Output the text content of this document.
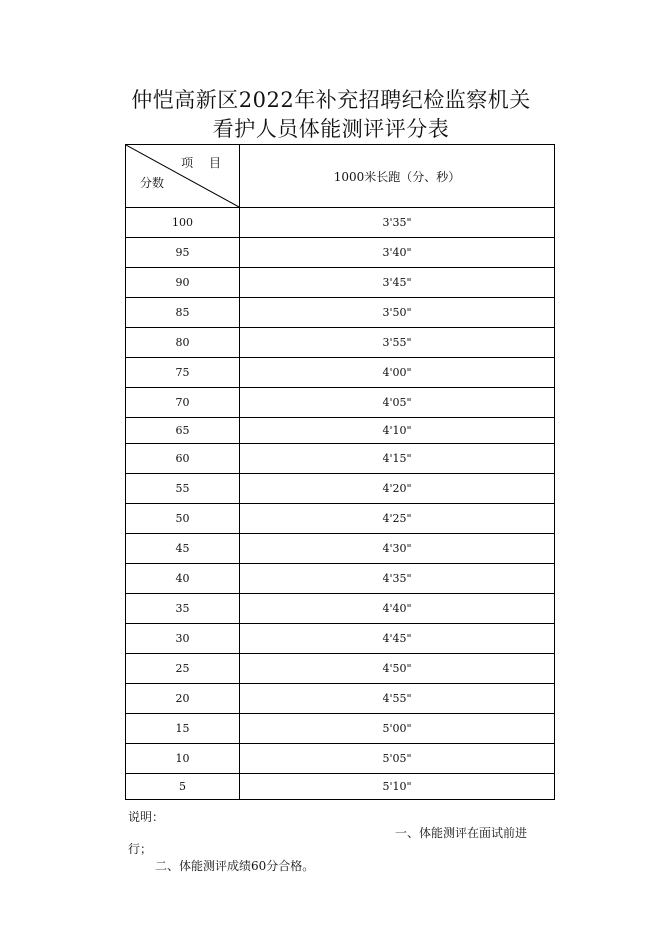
仲恺高新区2022年补充招聘纪检监察机关
看护人员体能测评评分表
项 目
分数	1000米长跑（分、秒）
100	3'35"
95	3'40"
90	3'45"
85	3'50"
80	3'55"
75	4'00"
70	4'05"
65	4'10"
60	4'15"
55	4'20"
50	4'25"
45	4'30"
40	4'35"
35	4'40"
30	4'45"
25	4'50"
20	4'55"
15	5'00"
10	5'05"
5	5'10"
说明：
一、体能测评在面试前进
行；
二、体能测评成绩60分合格。
